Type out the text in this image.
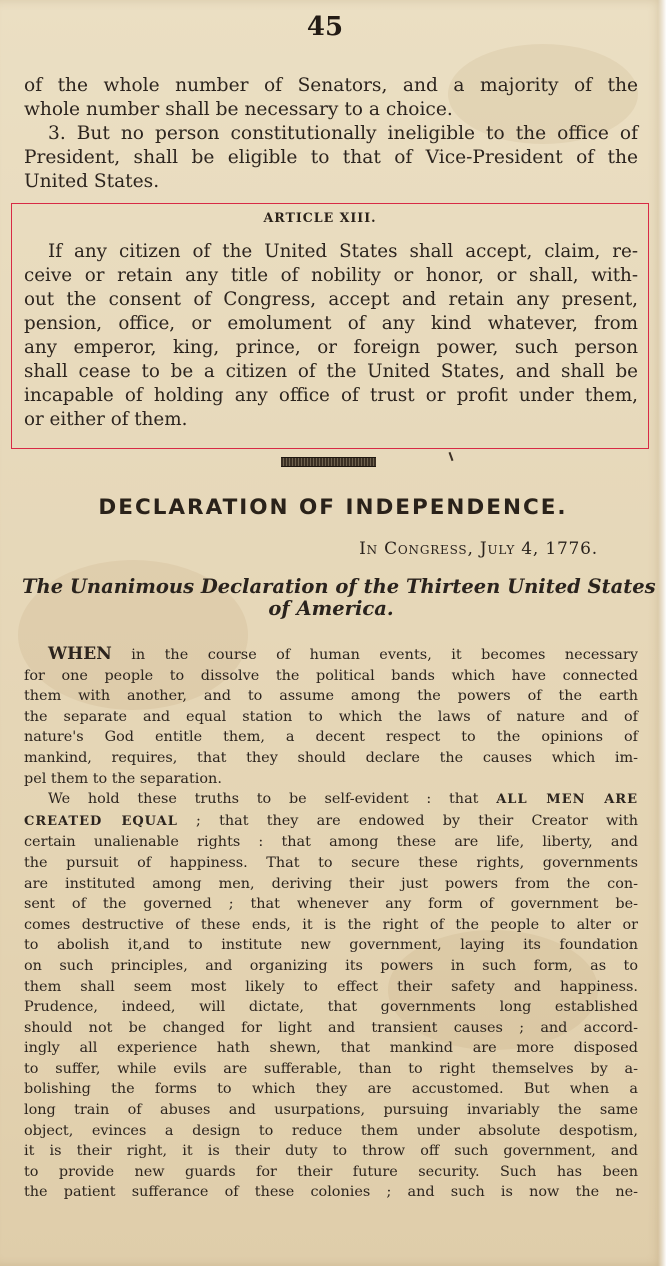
45
of the whole number of Senators, and a majority of the
whole number shall be necessary to a choice.
3. But no person constitutionally ineligible to the office of
President, shall be eligible to that of Vice-President of the
United States.
ARTICLE XIII.
If any citizen of the United States shall accept, claim, re-
ceive or retain any title of nobility or honor, or shall, with-
out the consent of Congress, accept and retain any present,
pension, office, or emolument of any kind whatever, from
any emperor, king, prince, or foreign power, such person
shall cease to be a citizen of the United States, and shall be
incapable of holding any office of trust or profit under them,
or either of them.
DECLARATION OF INDEPENDENCE.
In Congress, July 4, 1776.
The Unanimous Declaration of the Thirteen United States
of America.
WHEN in the course of human events, it becomes necessary
for one people to dissolve the political bands which have connected
them with another, and to assume among the powers of the earth
the separate and equal station to which the laws of nature and of
nature's God entitle them, a decent respect to the opinions of
mankind, requires, that they should declare the causes which im-
pel them to the separation.
We hold these truths to be self-evident : that ALL MEN ARE
CREATED EQUAL ; that they are endowed by their Creator with
certain unalienable rights : that among these are life, liberty, and
the pursuit of happiness. That to secure these rights, governments
are instituted among men, deriving their just powers from the con-
sent of the governed ; that whenever any form of government be-
comes destructive of these ends, it is the right of the people to alter or
to abolish it,and to institute new government, laying its foundation
on such principles, and organizing its powers in such form, as to
them shall seem most likely to effect their safety and happiness.
Prudence, indeed, will dictate, that governments long established
should not be changed for light and transient causes ; and accord-
ingly all experience hath shewn, that mankind are more disposed
to suffer, while evils are sufferable, than to right themselves by a-
bolishing the forms to which they are accustomed. But when a
long train of abuses and usurpations, pursuing invariably the same
object, evinces a design to reduce them under absolute despotism,
it is their right, it is their duty to throw off such government, and
to provide new guards for their future security. Such has been
the patient sufferance of these colonies ; and such is now the ne-
